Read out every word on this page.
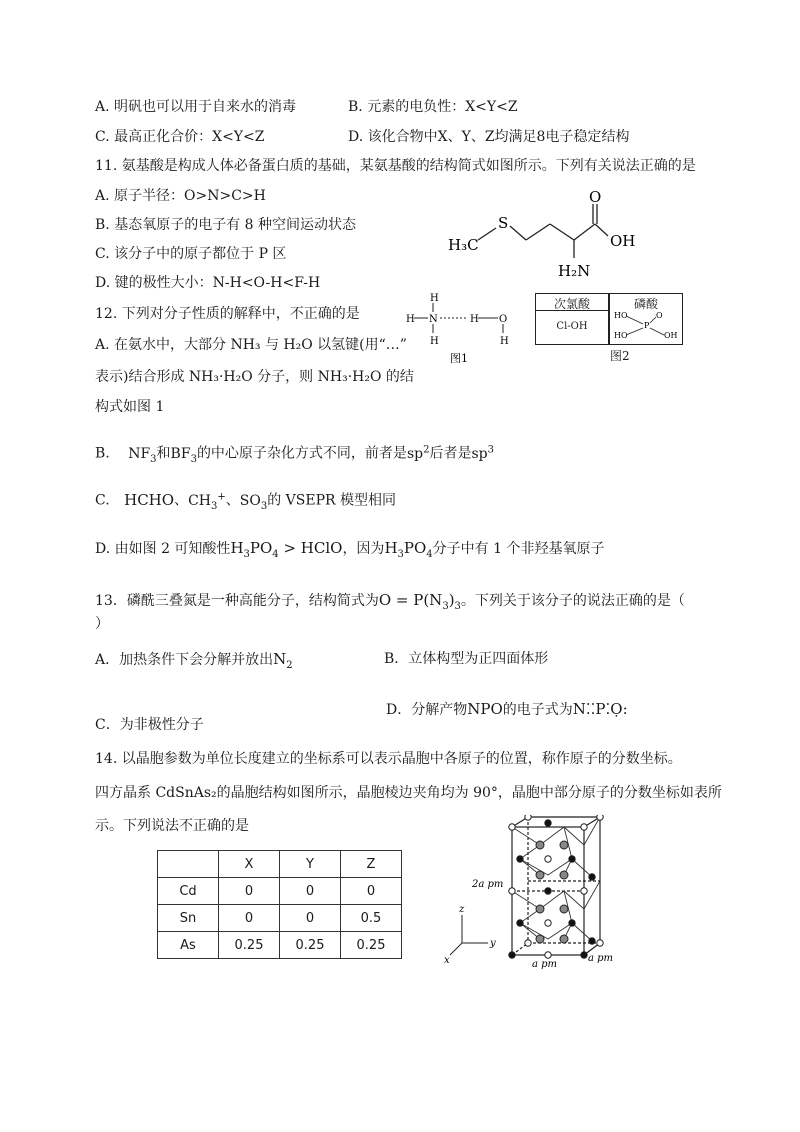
A. 明矾也可以用于自来水的消毒	B. 元素的电负性：X<Y<Z
C. 最高正化合价：X<Y<Z	D. 该化合物中X、Y、Z均满足8电子稳定结构
11. 氨基酸是构成人体必备蛋白质的基础，某氨基酸的结构简式如图所示。下列有关说法正确的是
A. 原子半径：O>N>C>H
B. 基态氧原子的电子有 8 种空间运动状态
C. 该分子中的原子都位于 P 区
D. 键的极性大小：N-H<O-H<F-H
H₃C
S
O
OH
H₂N
12. 下列对分子性质的解释中，不正确的是
A. 在氨水中，大部分 NH₃ 与 H₂O 以氢键(用“…”
表示)结合形成 NH₃·H₂O 分子，则 NH₃·H₂O 的结
构式如图 1
H
H N
H
H O
H
图1
次氯酸	磷酸
Cl-OH
HO
HO
P
O
OH
图2
B. $NF_3$和$BF_3$的中心原子杂化方式不同，前者是$sp^2$后者是$sp^3$
C. HCHO、$CH_3^+$、$SO_3$的 VSEPR 模型相同
D. 由如图 2 可知酸性$H_3PO_4$ > HClO，因为$H_3PO_4$分子中有 1 个非羟基氧原子
13．磷酰三叠氮是一种高能分子，结构简式为$O = P(N_3)_3$。下列关于该分子的说法正确的是（
）
A．加热条件下会分解并放出$N_2$	B．立体构型为正四面体形
D．分解产物NPO的电子式为N⁚⁚P⁚Ọ:
C．为非极性分子
14. 以晶胞参数为单位长度建立的坐标系可以表示晶胞中各原子的位置，称作原子的分数坐标。
四方晶系 CdSnAs₂的晶胞结构如图所示，晶胞棱边夹角均为 90°，晶胞中部分原子的分数坐标如表所
示。下列说法不正确的是
	X	Y	Z
Cd	0	0	0
Sn	0	0	0.5
As	0.25	0.25	0.25
z
y
x
2a pm
a pm
a pm
